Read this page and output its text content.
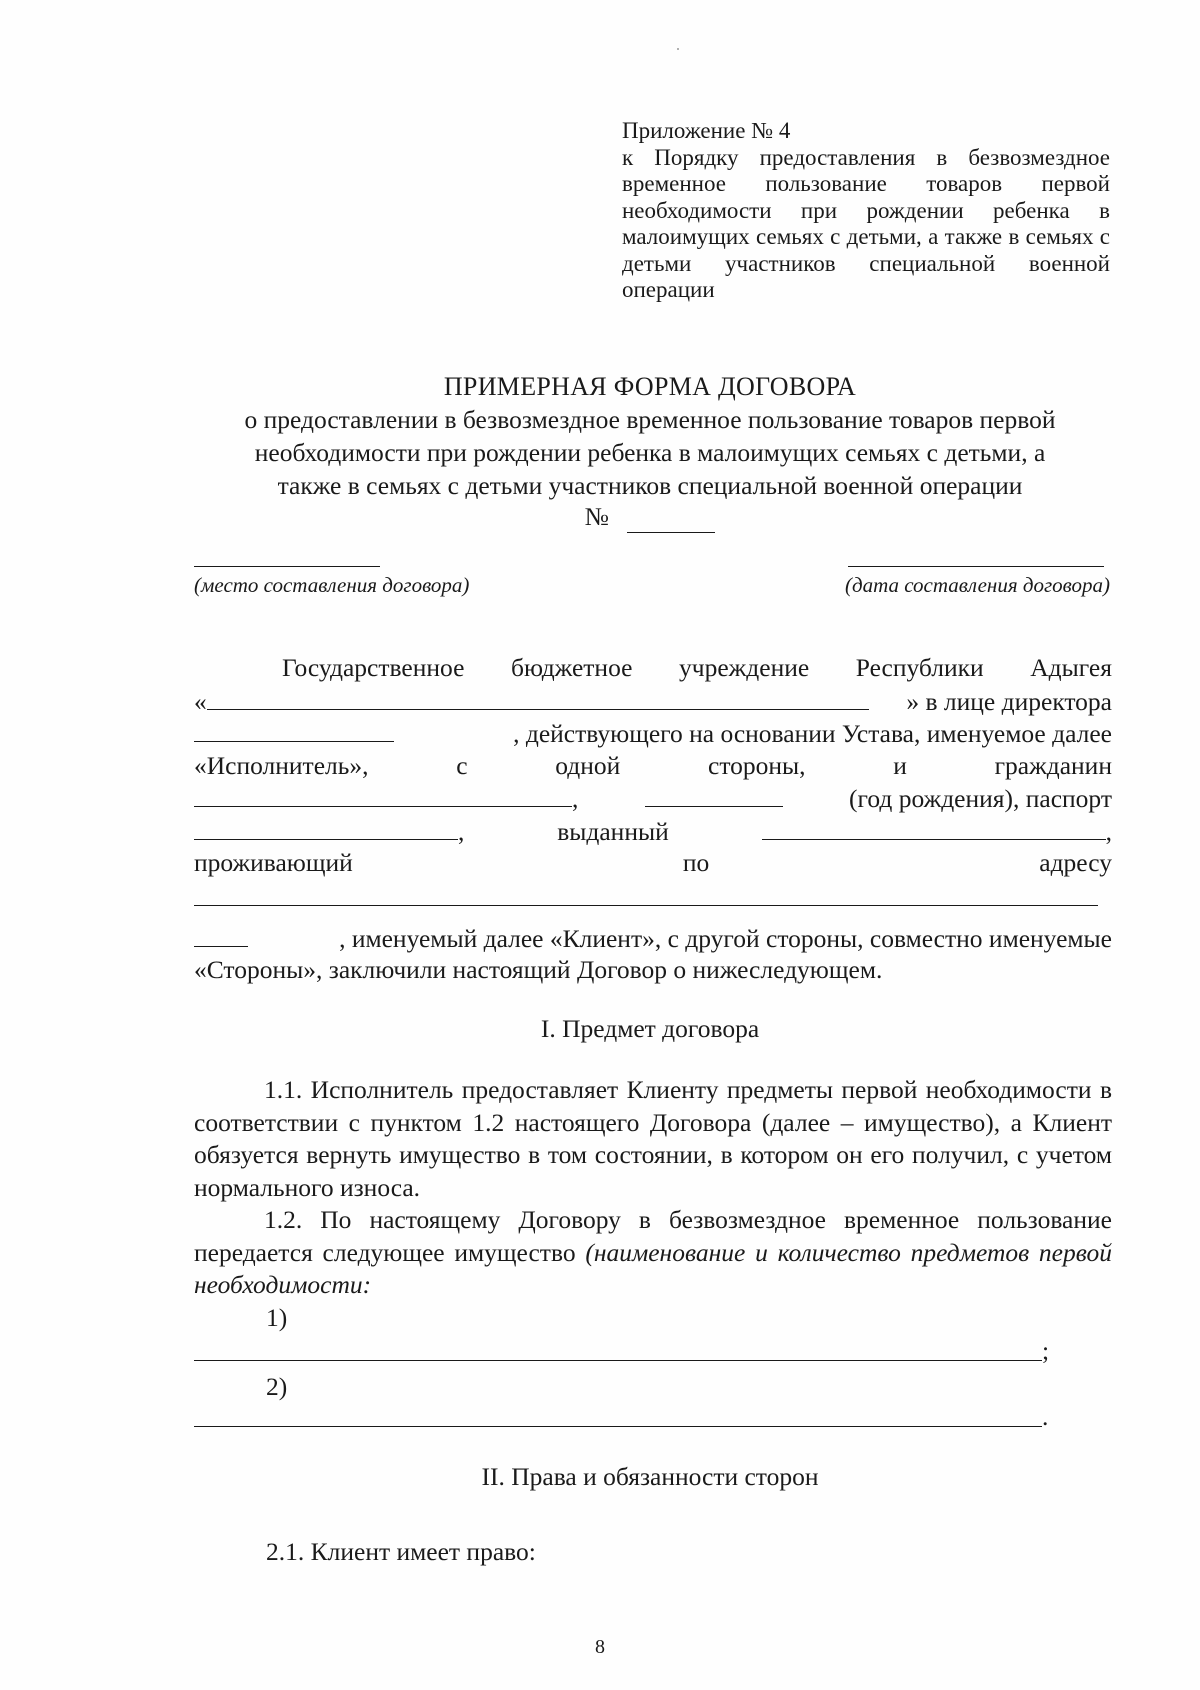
Приложение № 4
к Порядку предоставления в безвозмездное временное пользование товаров первой необходимости при рождении ребенка в малоимущих семьях с детьми, а также в семьях с детьми участников специальной военной операции
ПРИМЕРНАЯ ФОРМА ДОГОВОРА
о предоставлении в безвозмездное временное пользование товаров первой
необходимости при рождении ребенка в малоимущих семьях с детьми, а
также в семьях с детьми участников специальной военной операции
№
(место составления договора)	(дата составления договора)
Государственное бюджетное учреждение Республики Адыгея
«	» в лице директора
, действующего на основании Устава, именуемое далее
«Исполнитель»,	с	одной	стороны,	и	гражданин
,	(год рождения), паспорт
,	выданный	,
проживающий	по	адресу
, именуемый далее «Клиент», с другой стороны, совместно именуемые
«Стороны», заключили настоящий Договор о нижеследующем.
I. Предмет договора
1.1. Исполнитель предоставляет Клиенту предметы первой необходимости в соответствии с пунктом 1.2 настоящего Договора (далее – имущество), а Клиент обязуется вернуть имущество в том состоянии, в котором он его получил, с учетом нормального износа.
1.2. По настоящему Договору в безвозмездное временное пользование передается следующее имущество (наименование и количество предметов первой необходимости:
1)
;
2)
.
II. Права и обязанности сторон
2.1. Клиент имеет право:
8
